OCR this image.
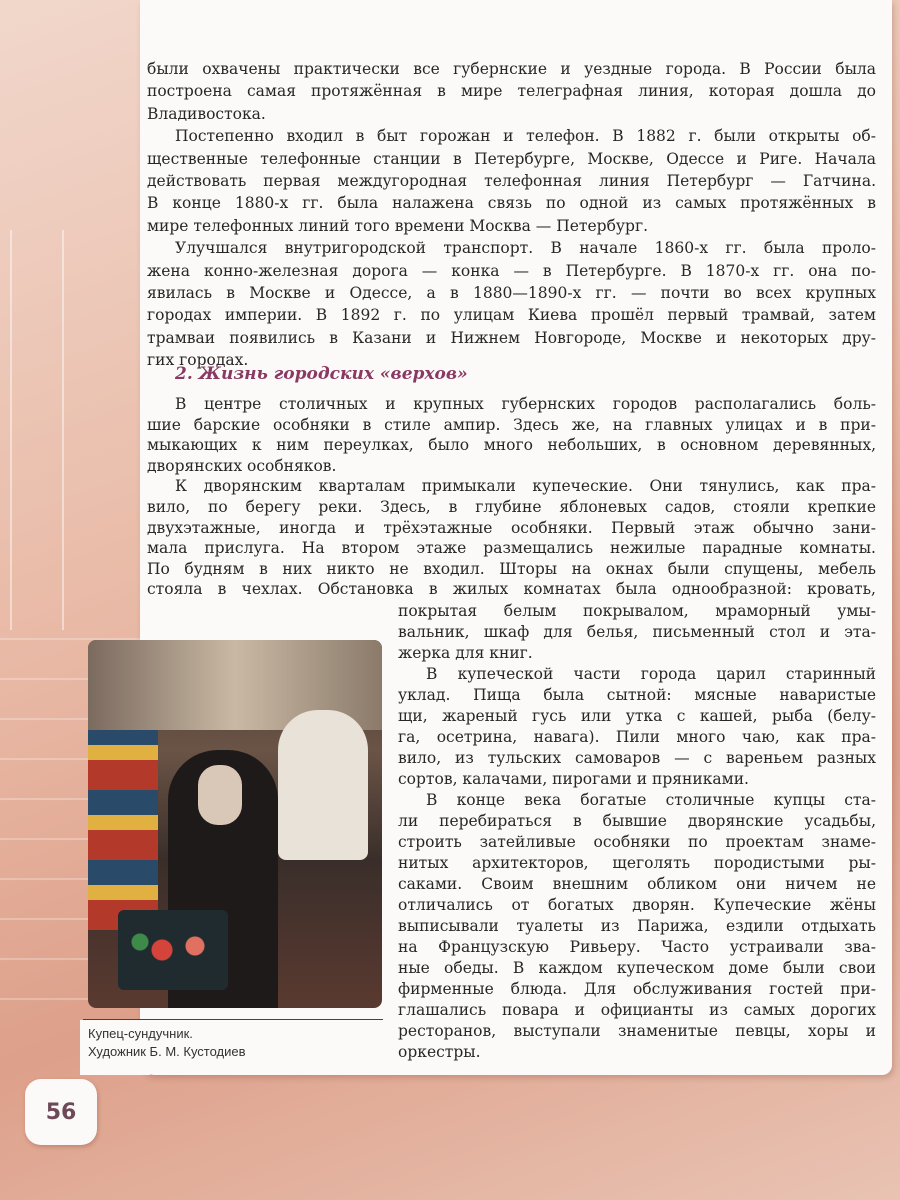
были охвачены практически все губернские и уездные города. В России была
построена самая протяжённая в мире телеграфная линия, которая дошла до
Владивостока.
Постепенно входил в быт горожан и телефон. В 1882 г. были открыты об-
щественные телефонные станции в Петербурге, Москве, Одессе и Риге. Начала
действовать первая междугородная телефонная линия Петербург — Гатчина.
В конце 1880-х гг. была налажена связь по одной из самых протяжённых в
мире телефонных линий того времени Москва — Петербург.
Улучшался внутригородской транспорт. В начале 1860-х гг. была проло-
жена конно-железная дорога — конка — в Петербурге. В 1870-х гг. она по-
явилась в Москве и Одессе, а в 1880—1890-х гг. — почти во всех крупных
городах империи. В 1892 г. по улицам Киева прошёл первый трамвай, затем
трамваи появились в Казани и Нижнем Новгороде, Москве и некоторых дру-
гих городах.
2. Жизнь городских «верхов»
В центре столичных и крупных губернских городов располагались боль-
шие барские особняки в стиле ампир. Здесь же, на главных улицах и в при-
мыкающих к ним переулках, было много небольших, в основном деревянных,
дворянских особняков.
К дворянским кварталам примыкали купеческие. Они тянулись, как пра-
вило, по берегу реки. Здесь, в глубине яблоневых садов, стояли крепкие
двухэтажные, иногда и трёхэтажные особняки. Первый этаж обычно зани-
мала прислуга. На втором этаже размещались нежилые парадные комнаты.
По будням в них никто не входил. Шторы на окнах были спущены, мебель
стояла в чехлах. Обстановка в жилых комнатах была однообразной: кровать,
покрытая белым покрывалом, мраморный умы-
вальник, шкаф для белья, письменный стол и эта-
жерка для книг.
В купеческой части города царил старинный
уклад. Пища была сытной: мясные наваристые
щи, жареный гусь или утка с кашей, рыба (белу-
га, осетрина, навага). Пили много чаю, как пра-
вило, из тульских самоваров — с вареньем разных
сортов, калачами, пирогами и пряниками.
В конце века богатые столичные купцы ста-
ли перебираться в бывшие дворянские усадьбы,
строить затейливые особняки по проектам знаме-
нитых архитекторов, щеголять породистыми ры-
саками. Своим внешним обликом они ничем не
отличались от богатых дворян. Купеческие жёны
выписывали туалеты из Парижа, ездили отдыхать
на Французскую Ривьеру. Часто устраивали зва-
ные обеды. В каждом купеческом доме были свои
фирменные блюда. Для обслуживания гостей при-
глашались повара и официанты из самых дорогих
ресторанов, выступали знаменитые певцы, хоры и
оркестры.
Купец-сундучник.
Художник Б. М. Кустодиев
56
